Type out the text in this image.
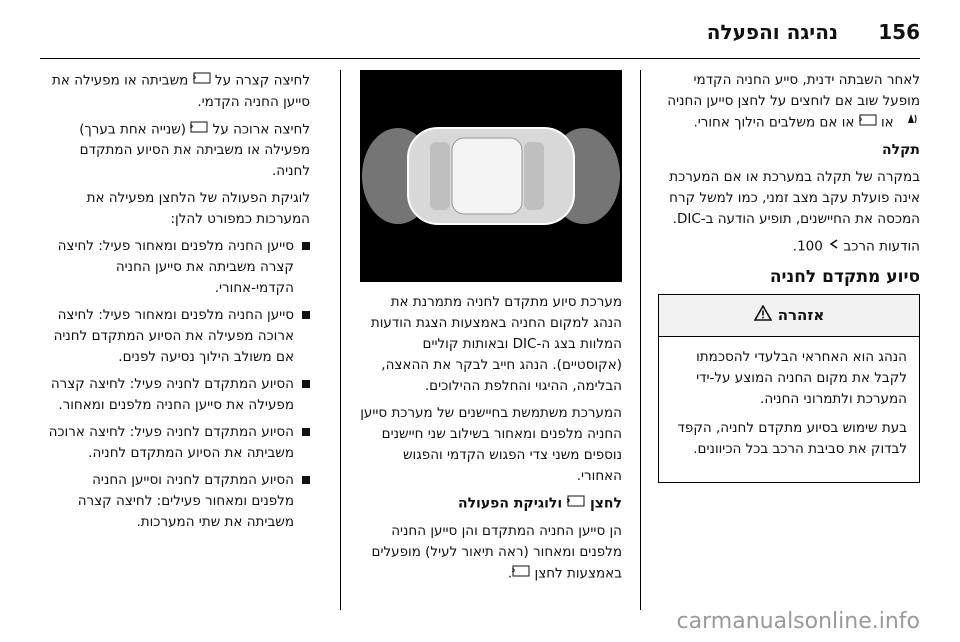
156
נהיגה והפעלה

לאחר השבתה ידנית, סייע החניה הקדמי מופעל שוב אם לוחצים על לחצן סייען החניה
או
P
או אם משלבים הילוך אחורי.

תקלה

במקרה של תקלה במערכת או אם המערכת אינה פועלת עקב מצב זמני, כמו למשל קרח המכסה את החיישנים, תופיע הודעה ב-DIC.

הודעות הרכב  100.

סיוע מתקדם לחניה

אזהרה

הנהג הוא האחראי הבלעדי להסכמתו לקבל את מקום החניה המוצע על-ידי המערכת ולתמרוני החניה.

בעת שימוש בסיוע מתקדם לחניה, הקפד לבדוק את סביבת הרכב בכל הכיוונים.

מערכת סיוע מתקדם לחניה מתמרנת את הנהג למקום החניה באמצעות הצגת הודעות המלוות בצג ה-DIC ובאותות קוליים (אקוסטיים). הנהג חייב לבקר את ההאצה, הבלימה, ההיגוי והחלפת ההילוכים.

המערכת משתמשת בחיישנים של מערכת סייען החניה מלפנים ומאחור בשילוב שני חיישנים נוספים משני צדי הפגוש הקדמי והפגוש האחורי.

לחצן
P
ולוגיקת הפעולה

הן סייען החניה המתקדם והן סייען החניה מלפנים ומאחור (ראה תיאור לעיל) מופעלים באמצעות לחצן
P
.

לחיצה קצרה על
P
משביתה או מפעילה את סייען החניה הקדמי.

לחיצה ארוכה על
P
(שנייה אחת בערך) מפעילה או משביתה את הסיוע המתקדם לחניה.

לוגיקת הפעולה של הלחצן מפעילה את המערכות כמפורט להלן:

סייען החניה מלפנים ומאחור פעיל: לחיצה קצרה משביתה את סייען החניה הקדמי-אחורי.
סייען החניה מלפנים ומאחור פעיל: לחיצה ארוכה מפעילה את הסיוע המתקדם לחניה אם משולב הילוך נסיעה לפנים.
הסיוע המתקדם לחניה פעיל: לחיצה קצרה מפעילה את סייען החניה מלפנים ומאחור.
הסיוע המתקדם לחניה פעיל: לחיצה ארוכה משביתה את הסיוע המתקדם לחניה.
הסיוע המתקדם לחניה וסייען החניה מלפנים ומאחור פעילים: לחיצה קצרה משביתה את שתי המערכות.
carmanualsonline.info
